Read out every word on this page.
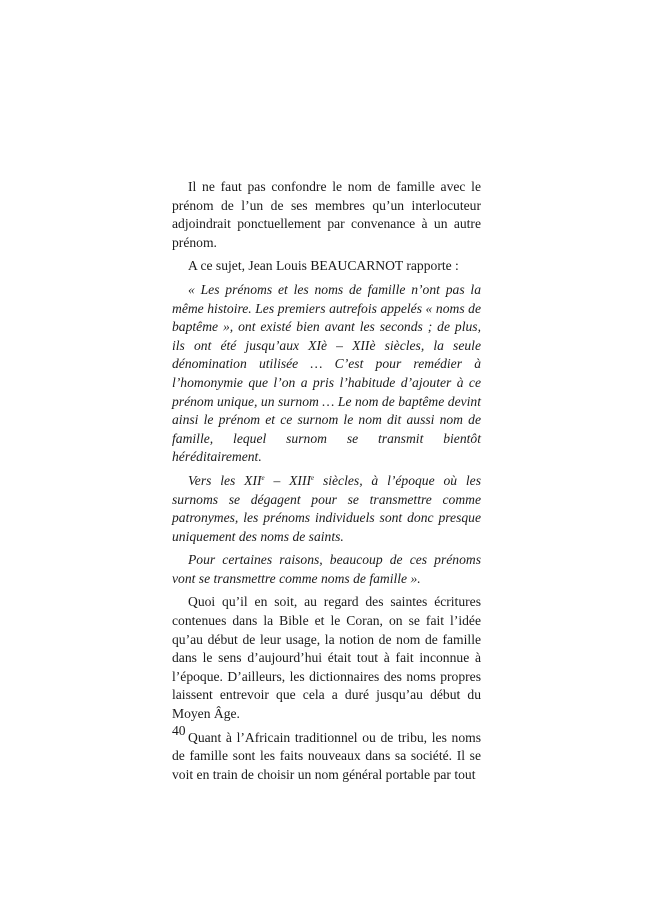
Il ne faut pas confondre le nom de famille avec le prénom de l’un de ses membres qu’un interlocuteur adjoindrait ponctuellement par convenance à un autre prénom.

A ce sujet, Jean Louis BEAUCARNOT rapporte :

« Les prénoms et les noms de famille n’ont pas la même histoire. Les premiers autrefois appelés « noms de baptême », ont existé bien avant les seconds ; de plus, ils ont été jusqu’aux XIè – XIIè siècles, la seule dénomination utilisée … C’est pour remédier à l’homonymie que l’on a pris l’habitude d’ajouter à ce prénom unique, un surnom … Le nom de baptême devint ainsi le prénom et ce surnom le nom dit aussi nom de famille, lequel surnom se transmit bientôt héréditairement.

Vers les XIIe – XIIIe siècles, à l’époque où les surnoms se dégagent pour se transmettre comme patronymes, les prénoms individuels sont donc presque uniquement des noms de saints.

Pour certaines raisons, beaucoup de ces prénoms vont se transmettre comme noms de famille ».

Quoi qu’il en soit, au regard des saintes écritures contenues dans la Bible et le Coran, on se fait l’idée qu’au début de leur usage, la notion de nom de famille dans le sens d’aujourd’hui était tout à fait inconnue à l’époque. D’ailleurs, les dictionnaires des noms propres laissent entrevoir que cela a duré jusqu’au début du Moyen Âge.

Quant à l’Africain traditionnel ou de tribu, les noms de famille sont les faits nouveaux dans sa société. Il se voit en train de choisir un nom général portable par tout

40
